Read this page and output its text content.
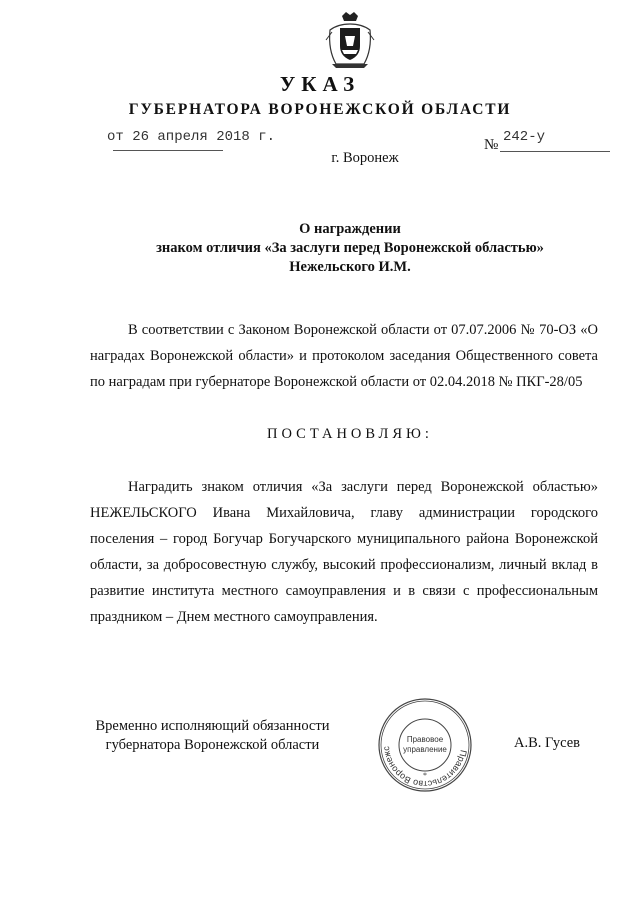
УКАЗ
ГУБЕРНАТОРА ВОРОНЕЖСКОЙ ОБЛАСТИ
от 26 апреля 2018 г.	№ 242-у
г. Воронеж
О награждении
знаком отличия «За заслуги перед Воронежской областью»
Нежельского И.М.
В соответствии с Законом Воронежской области от 07.07.2006 № 70-ОЗ «О наградах Воронежской области» и протоколом заседания Общественного совета по наградам при губернаторе Воронежской области от 02.04.2018 № ПКГ-28/05
ПОСТАНОВЛЯЮ:
Наградить знаком отличия «За заслуги перед Воронежской областью» НЕЖЕЛЬСКОГО Ивана Михайловича, главу администрации городского поселения – город Богучар Богучарского муниципального района Воронежской области, за добросовестную службу, высокий профессионализм, личный вклад в развитие института местного самоуправления и в связи с профессиональным праздником – Днем местного самоуправления.
Временно исполняющий обязанности
губернатора Воронежской области
Правительство Воронежс
Правовое
управление
*
А.В. Гусев
